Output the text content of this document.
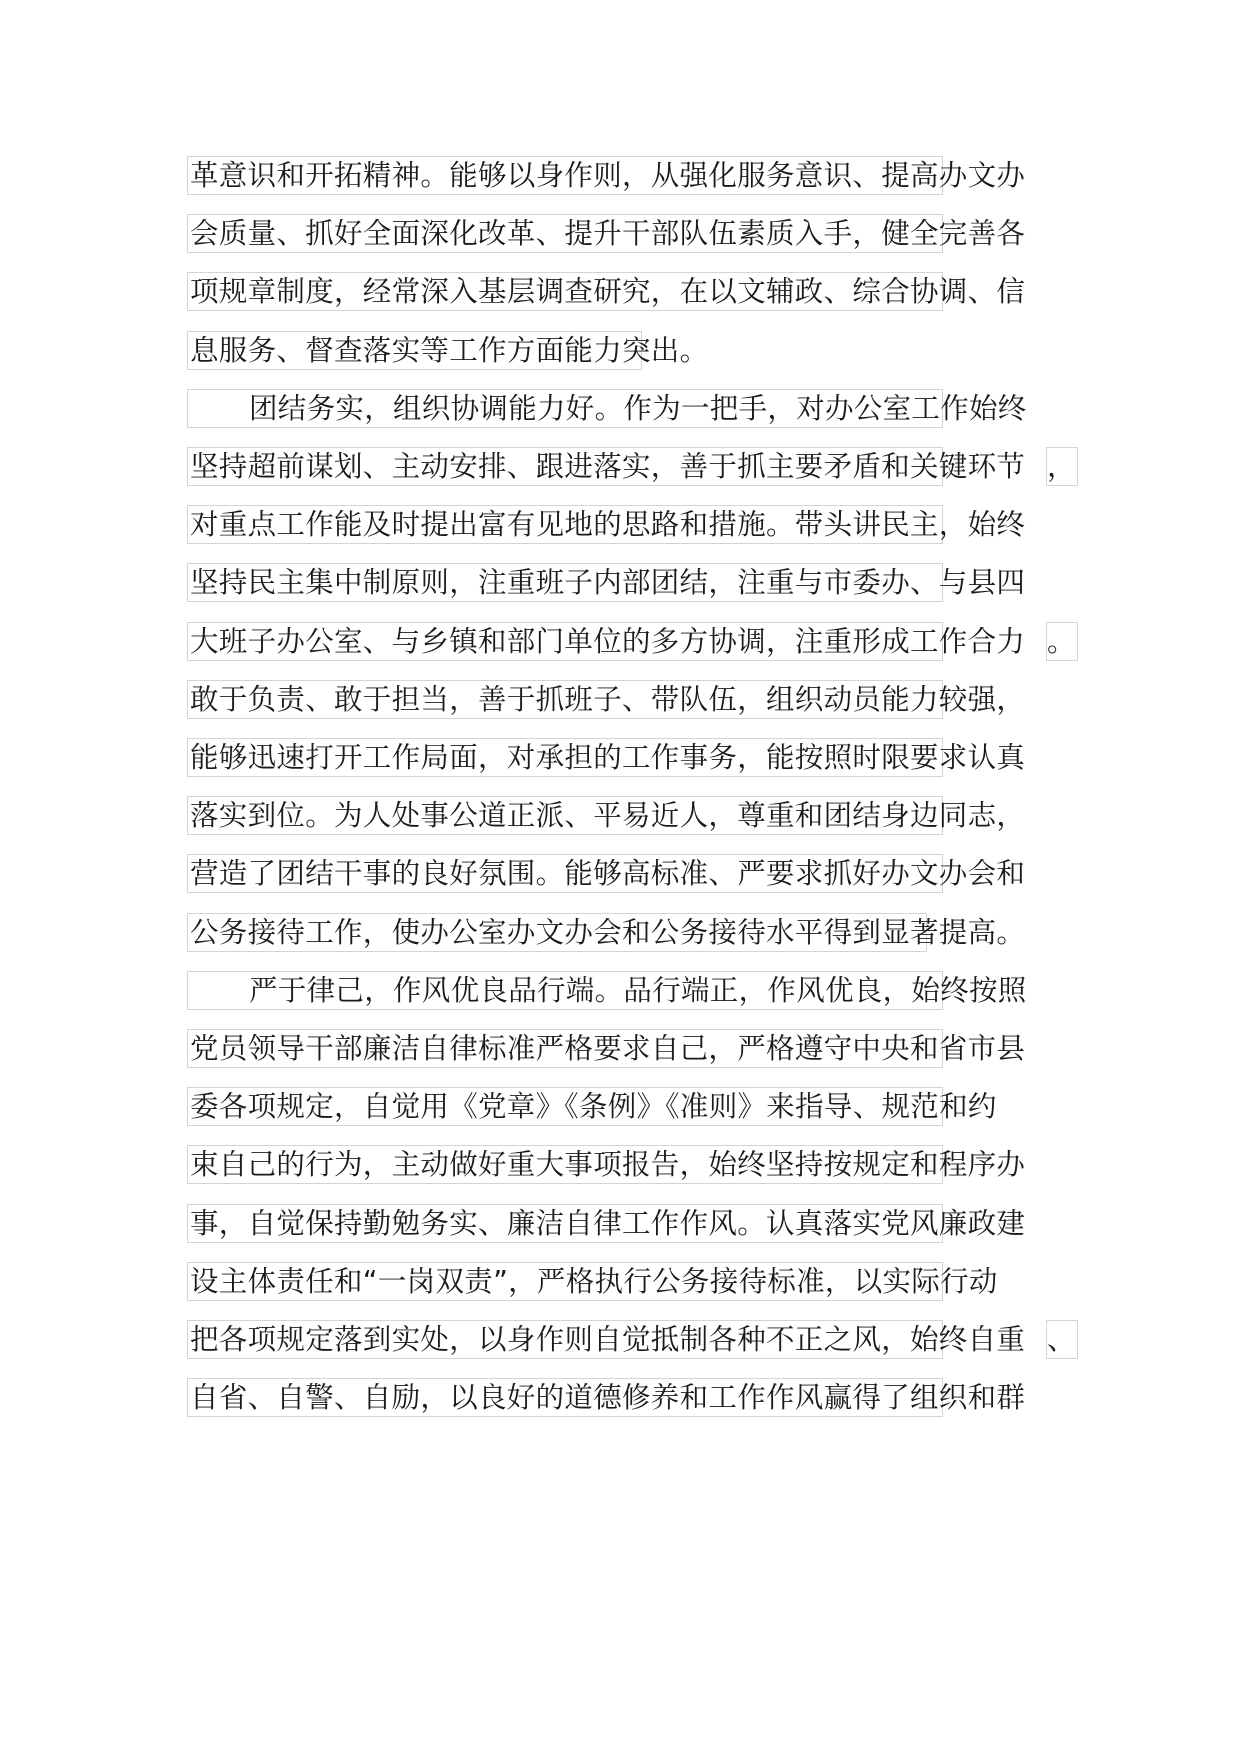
革意识和开拓精神。能够以身作则，从强化服务意识、提高办文办
会质量、抓好全面深化改革、提升干部队伍素质入手，健全完善各
项规章制度，经常深入基层调查研究，在以文辅政、综合协调、信
息服务、督查落实等工作方面能力突出。
团结务实，组织协调能力好。作为一把手，对办公室工作始终
坚持超前谋划、主动安排、跟进落实，善于抓主要矛盾和关键环节 ，
对重点工作能及时提出富有见地的思路和措施。带头讲民主，始终
坚持民主集中制原则，注重班子内部团结，注重与市委办、与县四
大班子办公室、与乡镇和部门单位的多方协调，注重形成工作合力 。
敢于负责、敢于担当，善于抓班子、带队伍，组织动员能力较强，
能够迅速打开工作局面，对承担的工作事务，能按照时限要求认真
落实到位。为人处事公道正派、平易近人，尊重和团结身边同志，
营造了团结干事的良好氛围。能够高标准、严要求抓好办文办会和
公务接待工作，使办公室办文办会和公务接待水平得到显著提高。
严于律己，作风优良品行端。品行端正，作风优良，始终按照
党员领导干部廉洁自律标准严格要求自己，严格遵守中央和省市县
委各项规定，自觉用《党章》《条例》《准则》来指导、规范和约
束自己的行为，主动做好重大事项报告，始终坚持按规定和程序办
事，自觉保持勤勉务实、廉洁自律工作作风。认真落实党风廉政建
设主体责任和“一岗双责”，严格执行公务接待标准，以实际行动
把各项规定落到实处，以身作则自觉抵制各种不正之风，始终自重 、
自省、自警、自励，以良好的道德修养和工作作风赢得了组织和群
